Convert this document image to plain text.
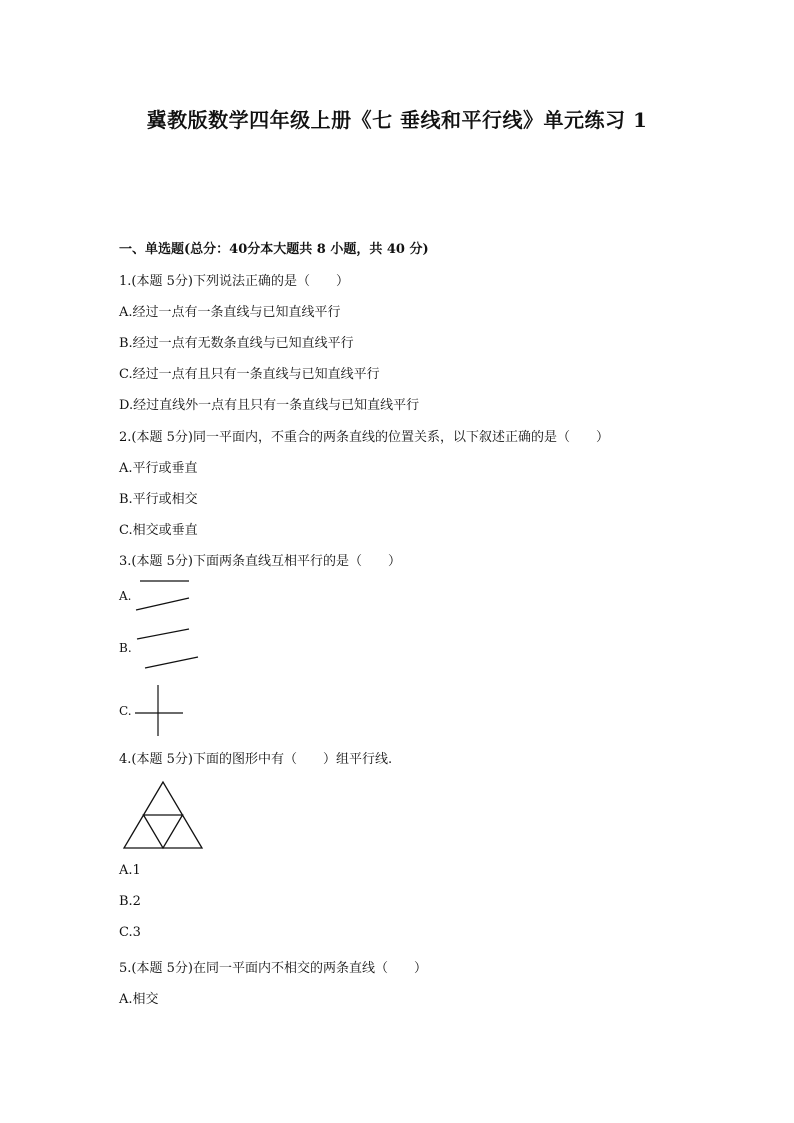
冀教版数学四年级上册《七 垂线和平行线》单元练习 1
一、单选题(总分：40分本大题共 8 小题，共 40 分)
1.(本题 5分)下列说法正确的是（　　）
A.经过一点有一条直线与已知直线平行
B.经过一点有无数条直线与已知直线平行
C.经过一点有且只有一条直线与已知直线平行
D.经过直线外一点有且只有一条直线与已知直线平行
2.(本题 5分)同一平面内，不重合的两条直线的位置关系，以下叙述正确的是（　　）
A.平行或垂直
B.平行或相交
C.相交或垂直
3.(本题 5分)下面两条直线互相平行的是（　　）
A.
B.
C.
4.(本题 5分)下面的图形中有（　　）组平行线.
A.1
B.2
C.3
5.(本题 5分)在同一平面内不相交的两条直线（　　）
A.相交
